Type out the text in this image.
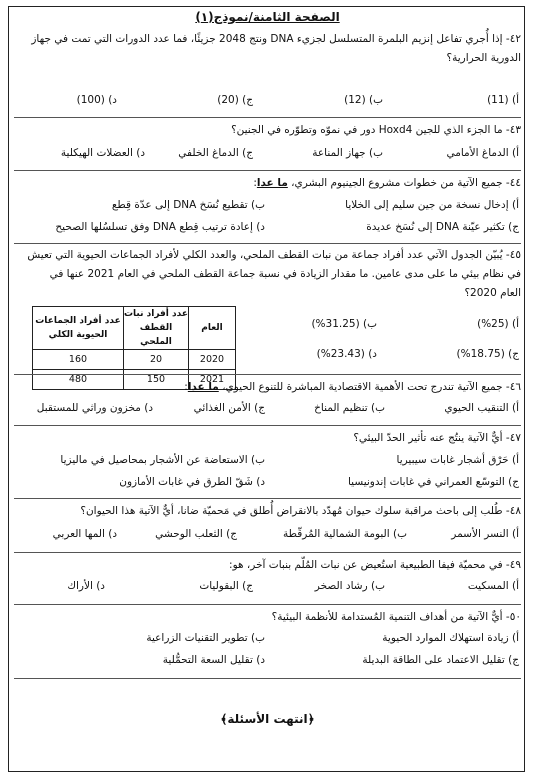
الصفحة الثامنة/نموذج(١)
٤٢- إذا أُجري تفاعل إنزيم البلمرة المتسلسل لجزيء DNA ونتج 2048 جزيئًا، فما عدد الدورات التي تمت في جهاز الدورية الحرارية؟
أ) (11)
ب) (12)
ج) (20)
د) (100)
٤٣- ما الجزء الذي للجين Hoxd4 دور في نموّه وتطوّره في الجنين؟
أ) الدماغ الأمامي
ب) جهاز المناعة
ج) الدماغ الخلفي
د) العضلات الهيكلية
٤٤- جميع الآتية من خطوات مشروع الجينيوم البشري، ما عدا:
أ) إدخال نسخة من جين سليم إلى الخلايا
ب) تقطيع نُسَخ DNA إلى عدّة قِطع
ج) تكثير عيّنة DNA إلى نُسَخ عديدة
د) إعادة ترتيب قِطع DNA وفق تسلسُلها الصحيح
٤٥- يُبيّن الجدول الآتي عدد أفراد جماعة من نبات القطف الملحي، والعدد الكلي لأفراد الجماعات الحيوية التي تعيش
في نظام بيئي ما على مدى عامين. ما مقدار الزيادة في نسبة جماعة القطف الملحي في العام 2021 عنها في
العام 2020؟
العام	عدد أفراد نبات القطف الملحي	عدد أفراد الجماعات الحيوية الكلي
2020	20	160
2021	150	480
أ) (25%)
ب) (31.25%)
ج) (18.75%)
د) (23.43%)
٤٦- جميع الآتية تندرج تحت الأهمية الاقتصادية المباشرة للتنوع الحيوي، ما عدا:
أ) التنقيب الحيوي
ب) تنظيم المناخ
ج) الأمن الغذائي
د) مخزون وراثي للمستقبل
٤٧- أيٌّ الآتية ينتُج عنه تأثير الحدّ البيئي؟
أ) حَرْق أشجار غابات سيبيريا
ب) الاستعاضة عن الأشجار بمحاصيل في ماليزيا
ج) التوسّع العمراني في غابات إندونيسيا
د) شَقّ الطرق في غابات الأمازون
٤٨- طُلب إلى باحث مراقبة سلوك حيوان مُهدّد بالانقراض أُطلق في مَحميّة ضانا، أيٌّ الآتية هذا الحيوان؟
أ) النسر الأسمر
ب) البومة الشمالية المُرقّطة
ج) الثعلب الوحشي
د) المها العربي
٤٩- في محميّة فيفا الطبيعية استُعيض عن نبات المُلّم بنبات آخر، هو:
أ) المسكيت
ب) رشاد الصخر
ج) البقوليات
د) الأراك
٥٠- أيٌّ الآتية من أهداف التنمية المُستدامة للأنظمة البيئية؟
أ) زيادة استهلاك الموارد الحيوية
ب) تطوير التقنيات الزراعية
ج) تقليل الاعتماد على الطاقة البديلة
د) تقليل السعة التحمُّلية
﴿انتهت الأسئلة﴾
